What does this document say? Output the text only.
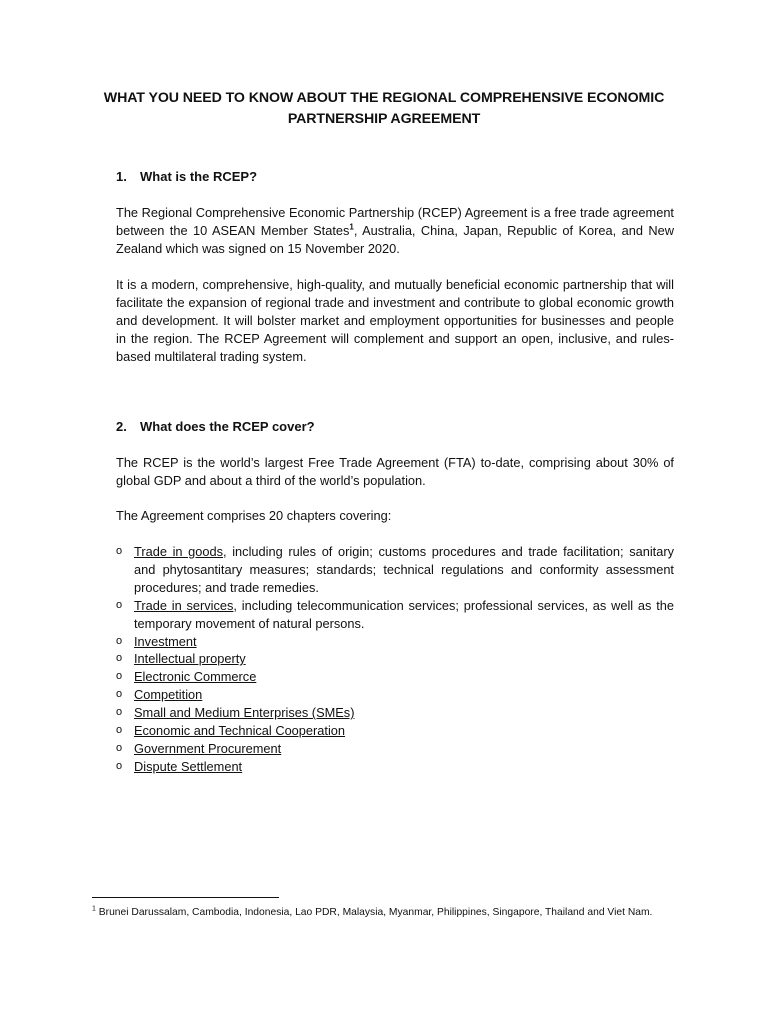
WHAT YOU NEED TO KNOW ABOUT THE REGIONAL COMPREHENSIVE ECONOMIC PARTNERSHIP AGREEMENT
1. What is the RCEP?
The Regional Comprehensive Economic Partnership (RCEP) Agreement is a free trade agreement between the 10 ASEAN Member States$^1$, Australia, China, Japan, Republic of Korea, and New Zealand which was signed on 15 November 2020.
It is a modern, comprehensive, high-quality, and mutually beneficial economic partnership that will facilitate the expansion of regional trade and investment and contribute to global economic growth and development. It will bolster market and employment opportunities for businesses and people in the region. The RCEP Agreement will complement and support an open, inclusive, and rules-based multilateral trading system.
2. What does the RCEP cover?
The RCEP is the world’s largest Free Trade Agreement (FTA) to-date, comprising about 30% of global GDP and about a third of the world’s population.
The Agreement comprises 20 chapters covering:
o Trade in goods, including rules of origin; customs procedures and trade facilitation; sanitary and phytosantitary measures; standards; technical regulations and conformity assessment procedures; and trade remedies.
o Trade in services, including telecommunication services; professional services, as well as the temporary movement of natural persons.
o Investment
o Intellectual property
o Electronic Commerce
o Competition
o Small and Medium Enterprises (SMEs)
o Economic and Technical Cooperation
o Government Procurement
o Dispute Settlement
$^1$ Brunei Darussalam, Cambodia, Indonesia, Lao PDR, Malaysia, Myanmar, Philippines, Singapore, Thailand and Viet Nam.
